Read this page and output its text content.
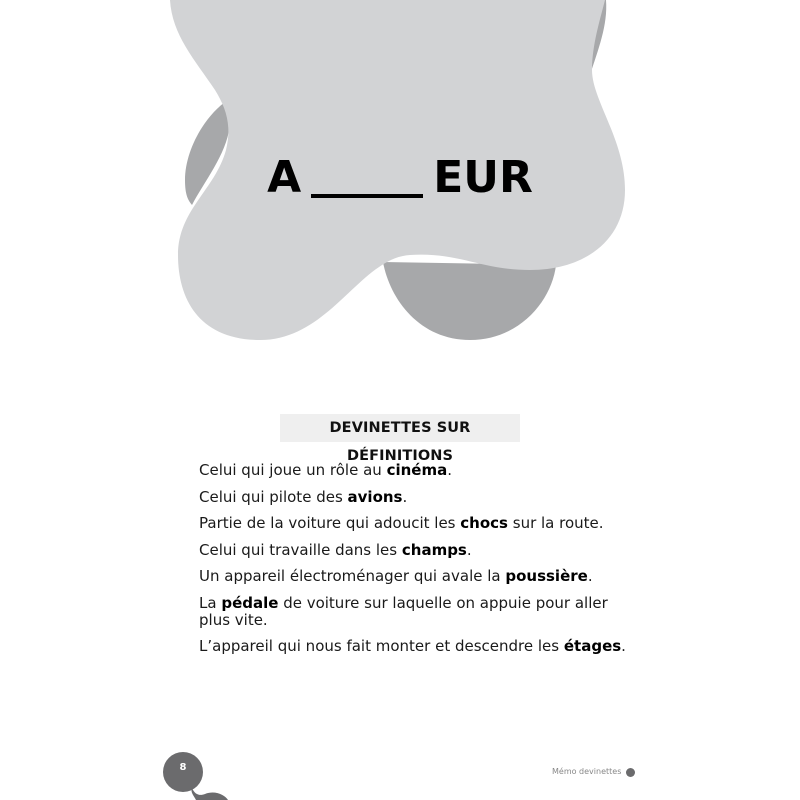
A	EUR
DEVINETTES SUR DÉFINITIONS
Celui qui joue un rôle au cinéma.
Celui qui pilote des avions.
Partie de la voiture qui adoucit les chocs sur la route.
Celui qui travaille dans les champs.
Un appareil électroménager qui avale la poussière.
La pédale de voiture sur laquelle on appuie pour aller plus vite.
L’appareil qui nous fait monter et descendre les étages.
8	Mémo devinettes
